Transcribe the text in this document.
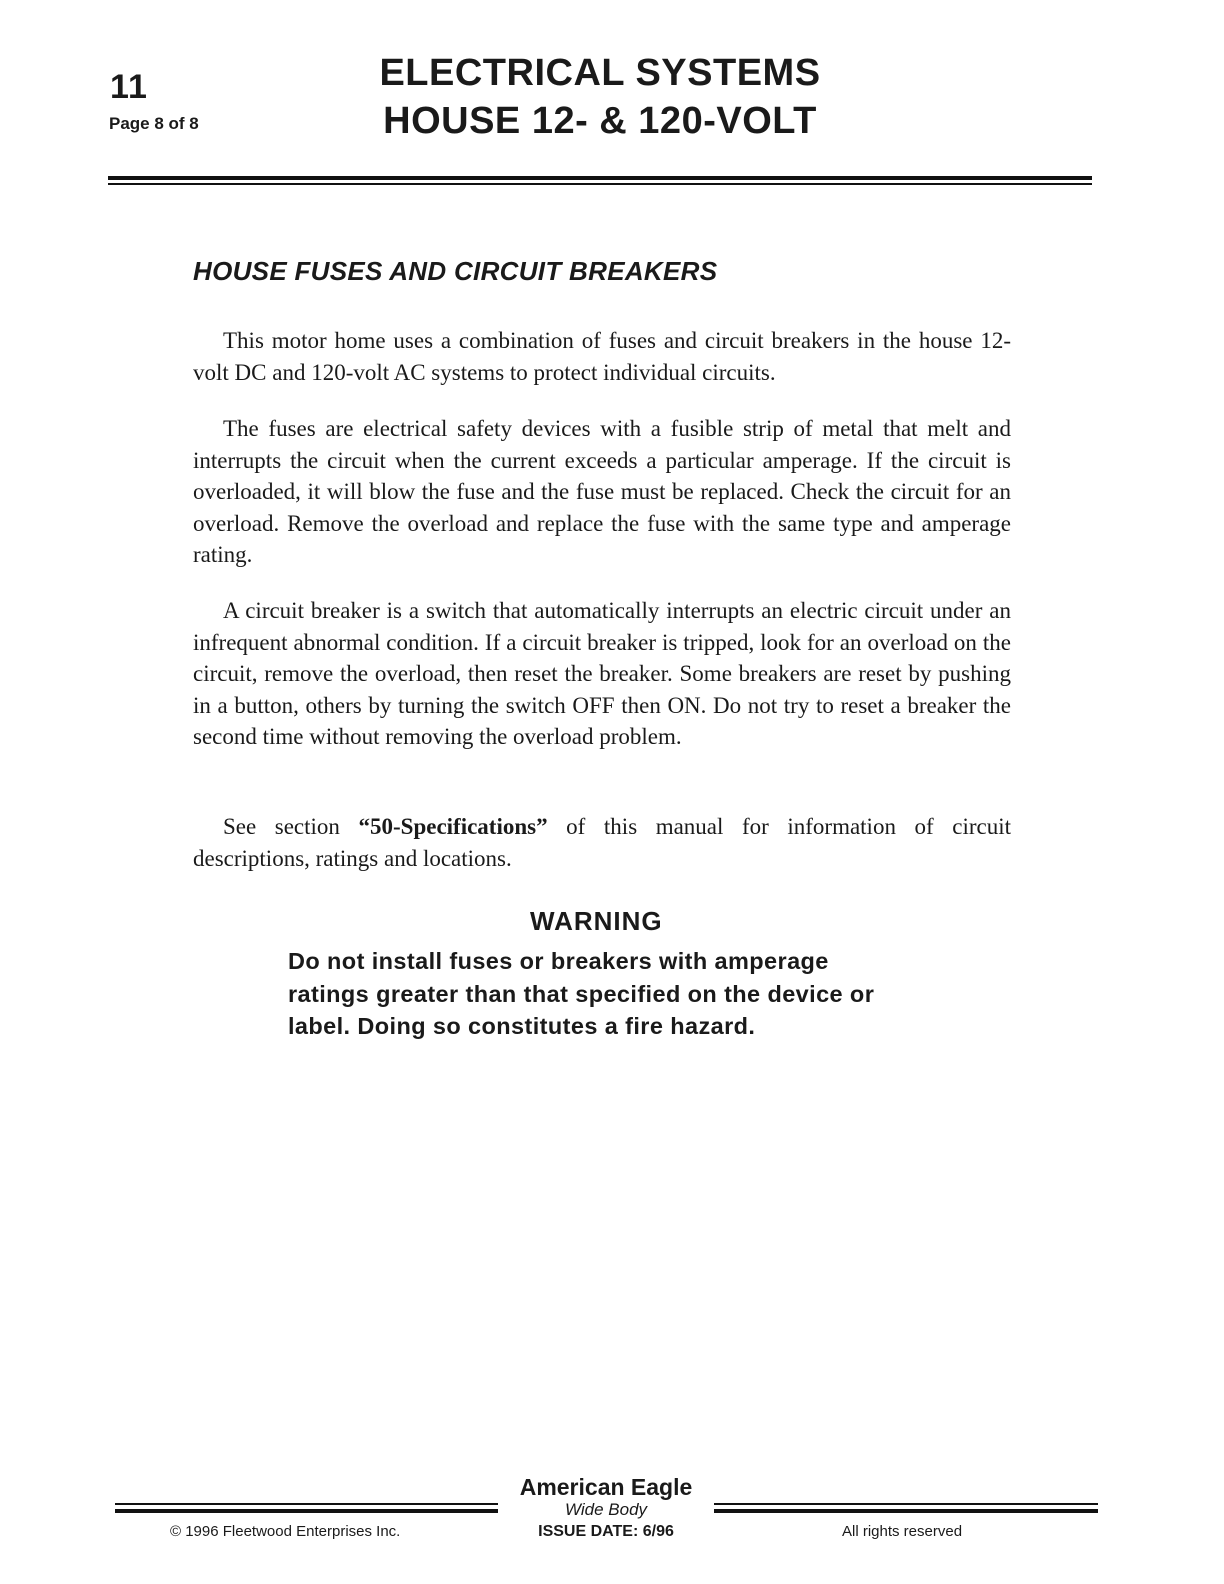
11
Page 8 of 8
ELECTRICAL SYSTEMS
HOUSE 12- & 120-VOLT
HOUSE FUSES AND CIRCUIT BREAKERS

This motor home uses a combination of fuses and circuit breakers in the house 12-volt DC and 120-volt AC systems to protect individual circuits.

The fuses are electrical safety devices with a fusible strip of metal that melt and interrupts the circuit when the current exceeds a particular amperage. If the circuit is overloaded, it will blow the fuse and the fuse must be replaced. Check the circuit for an overload. Remove the overload and replace the fuse with the same type and amperage rating.

A circuit breaker is a switch that automatically interrupts an electric circuit under an infrequent abnormal condition. If a circuit breaker is tripped, look for an overload on the circuit, remove the overload, then reset the breaker. Some breakers are reset by pushing in a button, others by turning the switch OFF then ON. Do not try to reset a breaker the second time without removing the overload problem.

See section “50-Specifications” of this manual for information of circuit descriptions, ratings and locations.

WARNING

Do not install fuses or breakers with amperage ratings greater than that specified on the device or label. Doing so constitutes a fire hazard.

American Eagle
Wide Body
ISSUE DATE: 6/96
© 1996 Fleetwood Enterprises Inc.	All rights reserved
